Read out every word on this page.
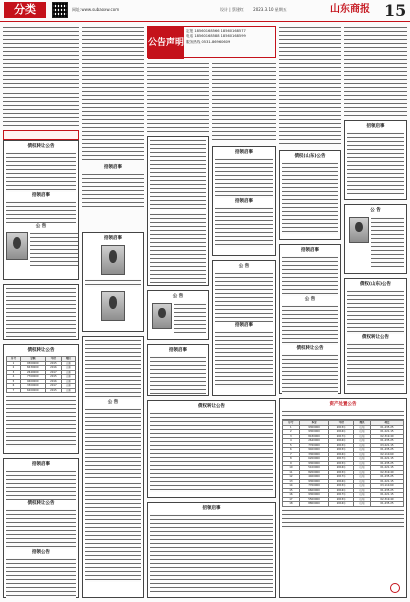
分类	网址:www.subaoxw.com	设计 | 蔡建红 2023.3.10 星期五	山东商报 15
债权转让公告
招领启事
公 告
债权转让公告
序号	金额	年份	地区
1	9300000	2015	山东
2	8430000	2016	山东
3	2640000	2017	山东
4	7760000	2015	山东
5	9400000	2016	山东
6	3300000	2017	山东
7	6200000	2015	山东
招领启事
债权转让公告
招领公告
招领启事
招领启事
公 告
公告声明
定报 18560168566 18560168577
电话 18560168588 18560168599
服务热线 0531-86960609
公 告
招领启事
招领启事
招领启事
公 告
招领启事
债权转让公告
招领启事
债权(山东)公告
招领启事
公 告
债权转让公告
招领启事
公 告
债权(山东)公告
债权转让公告
资产处置公告
序号	本金	年份	地区	利息
1	9300000	2015年	山东	01,435.25
2	9300000	2016年	山东	01,221.15
3	8430000	2017年	山东	02,319.40
4	2640000	2016年	山东	01,435.25
5	7760000	2015年	山东	03,221.15
6	9400000	2015年	山东	01,435.25
7	3300000	2016年	山东	02,110.60
8	6200000	2017年	山东	01,221.15
9	9300000	2015年	山东	01,435.25
10	5100000	2016年	山东	01,221.15
11	8200000	2015年	山东	02,319.40
12	4400000	2017年	山东	01,435.25
13	9300000	2016年	山东	01,221.15
14	7700000	2015年	山东	03,110.60
15	6600000	2016年	山东	01,435.25
16	9300000	2017年	山东	01,221.15
17	5500000	2015年	山东	02,319.40
18	8800000	2016年	山东	01,435.25
